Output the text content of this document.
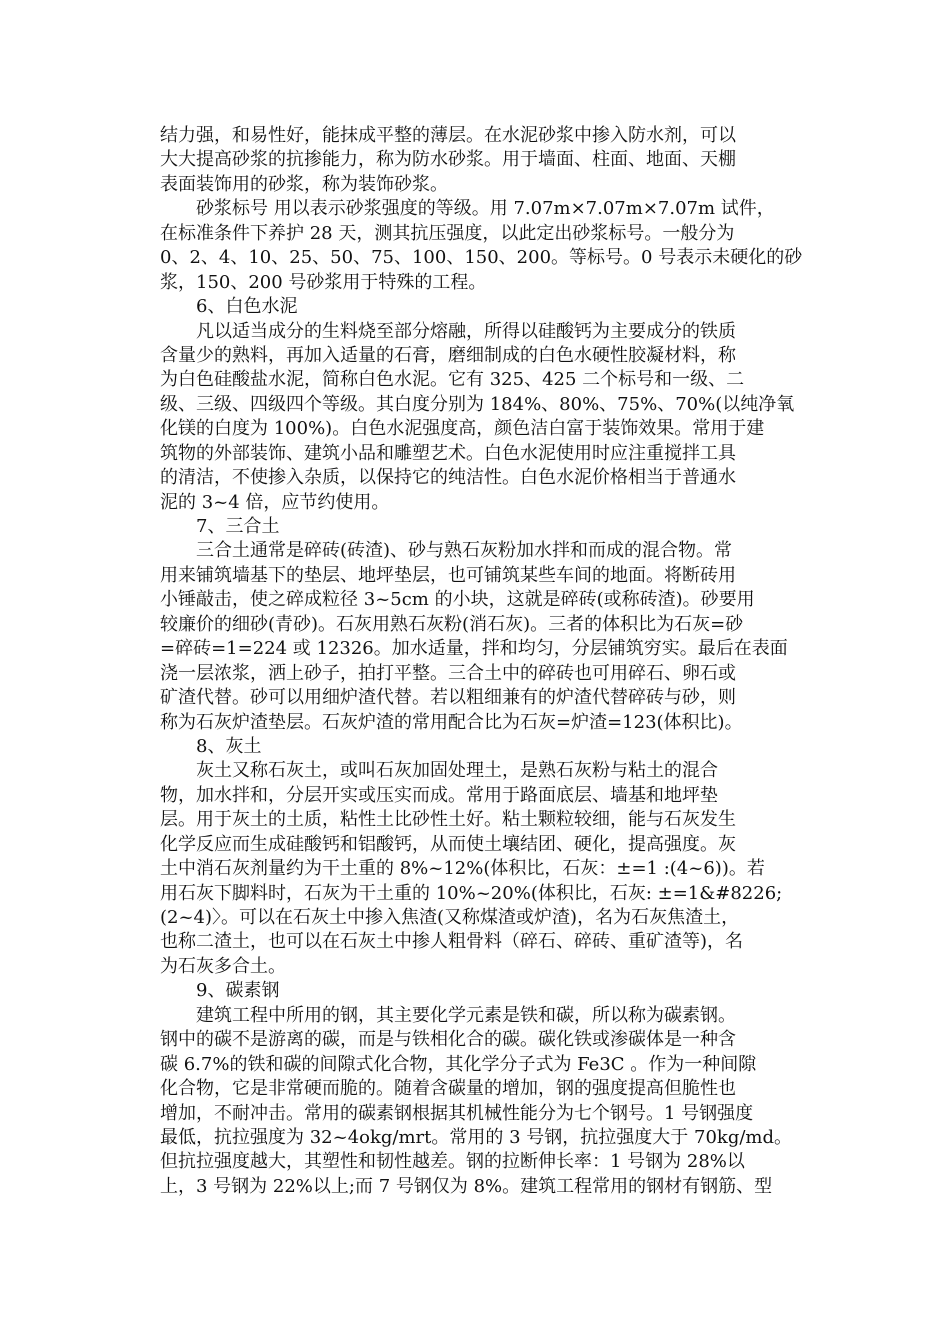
结力强，和易性好，能抹成平整的薄层。在水泥砂浆中掺入防水剂，可以
大大提高砂浆的抗掺能力，称为防水砂浆。用于墙面、柱面、地面、天棚
表面装饰用的砂浆，称为装饰砂浆。
砂浆标号 用以表示砂浆强度的等级。用 7.07m×7.07m×7.07m 试件，
在标准条件下养护 28 天，测其抗压强度，以此定出砂浆标号。一般分为
0、2、4、10、25、50、75、100、150、200。等标号。0 号表示未硬化的砂
浆，150、200 号砂浆用于特殊的工程。
6、白色水泥
凡以适当成分的生料烧至部分熔融，所得以硅酸钙为主要成分的铁质
含量少的熟料，再加入适量的石膏，磨细制成的白色水硬性胶凝材料，称
为白色硅酸盐水泥，简称白色水泥。它有 325、425 二个标号和一级、二
级、三级、四级四个等级。其白度分别为 184%、80%、75%、70%(以纯净氧
化镁的白度为 100%)。白色水泥强度高，颜色洁白富于装饰效果。常用于建
筑物的外部装饰、建筑小品和雕塑艺术。白色水泥使用时应注重搅拌工具
的清洁，不使掺入杂质，以保持它的纯洁性。白色水泥价格相当于普通水
泥的 3~4 倍，应节约使用。
7、三合土
三合土通常是碎砖(砖渣)、砂与熟石灰粉加水拌和而成的混合物。常
用来铺筑墙基下的垫层、地坪垫层，也可铺筑某些车间的地面。将断砖用
小锤敲击，使之碎成粒径 3~5cm 的小块，这就是碎砖(或称砖渣)。砂要用
较廉价的细砂(青砂)。石灰用熟石灰粉(消石灰)。三者的体积比为石灰=砂
=碎砖=1=224 或 12326。加水适量，拌和均匀，分层铺筑穷实。最后在表面
浇一层浓浆，洒上砂子，拍打平整。三合土中的碎砖也可用碎石、卵石或
矿渣代替。砂可以用细炉渣代替。若以粗细兼有的炉渣代替碎砖与砂，则
称为石灰炉渣垫层。石灰炉渣的常用配合比为石灰=炉渣=123(体积比)。
8、灰土
灰土又称石灰土，或叫石灰加固处理土，是熟石灰粉与粘土的混合
物，加水拌和，分层开实或压实而成。常用于路面底层、墙基和地坪垫
层。用于灰土的土质，粘性土比砂性土好。粘土颗粒较细，能与石灰发生
化学反应而生成硅酸钙和铝酸钙，从而使土壤结团、硬化，提高强度。灰
土中消石灰剂量约为干土重的 8%~12%(体积比，石灰：±=1 :(4~6))。若
用石灰下脚料时，石灰为干土重的 10%~20%(体积比，石灰: ±=1&#8226;
(2~4)〉。可以在石灰土中掺入焦渣(又称煤渣或炉渣)，名为石灰焦渣土，
也称二渣土，也可以在石灰土中掺人粗骨料（碎石、碎砖、重矿渣等)，名
为石灰多合土。
9、碳素钢
建筑工程中所用的钢，其主要化学元素是铁和碳，所以称为碳素钢。
钢中的碳不是游离的碳，而是与铁相化合的碳。碳化铁或渗碳体是一种含
碳 6.7%的铁和碳的间隙式化合物，其化学分子式为 Fe3C 。作为一种间隙
化合物，它是非常硬而脆的。随着含碳量的增加，钢的强度提高但脆性也
增加，不耐冲击。常用的碳素钢根据其机械性能分为七个钢号。1 号钢强度
最低，抗拉强度为 32~4okg/mrt。常用的 3 号钢，抗拉强度大于 70kg/md。
但抗拉强度越大，其塑性和韧性越差。钢的拉断伸长率：1 号钢为 28%以
上，3 号钢为 22%以上;而 7 号钢仅为 8%。建筑工程常用的钢材有钢筋、型
